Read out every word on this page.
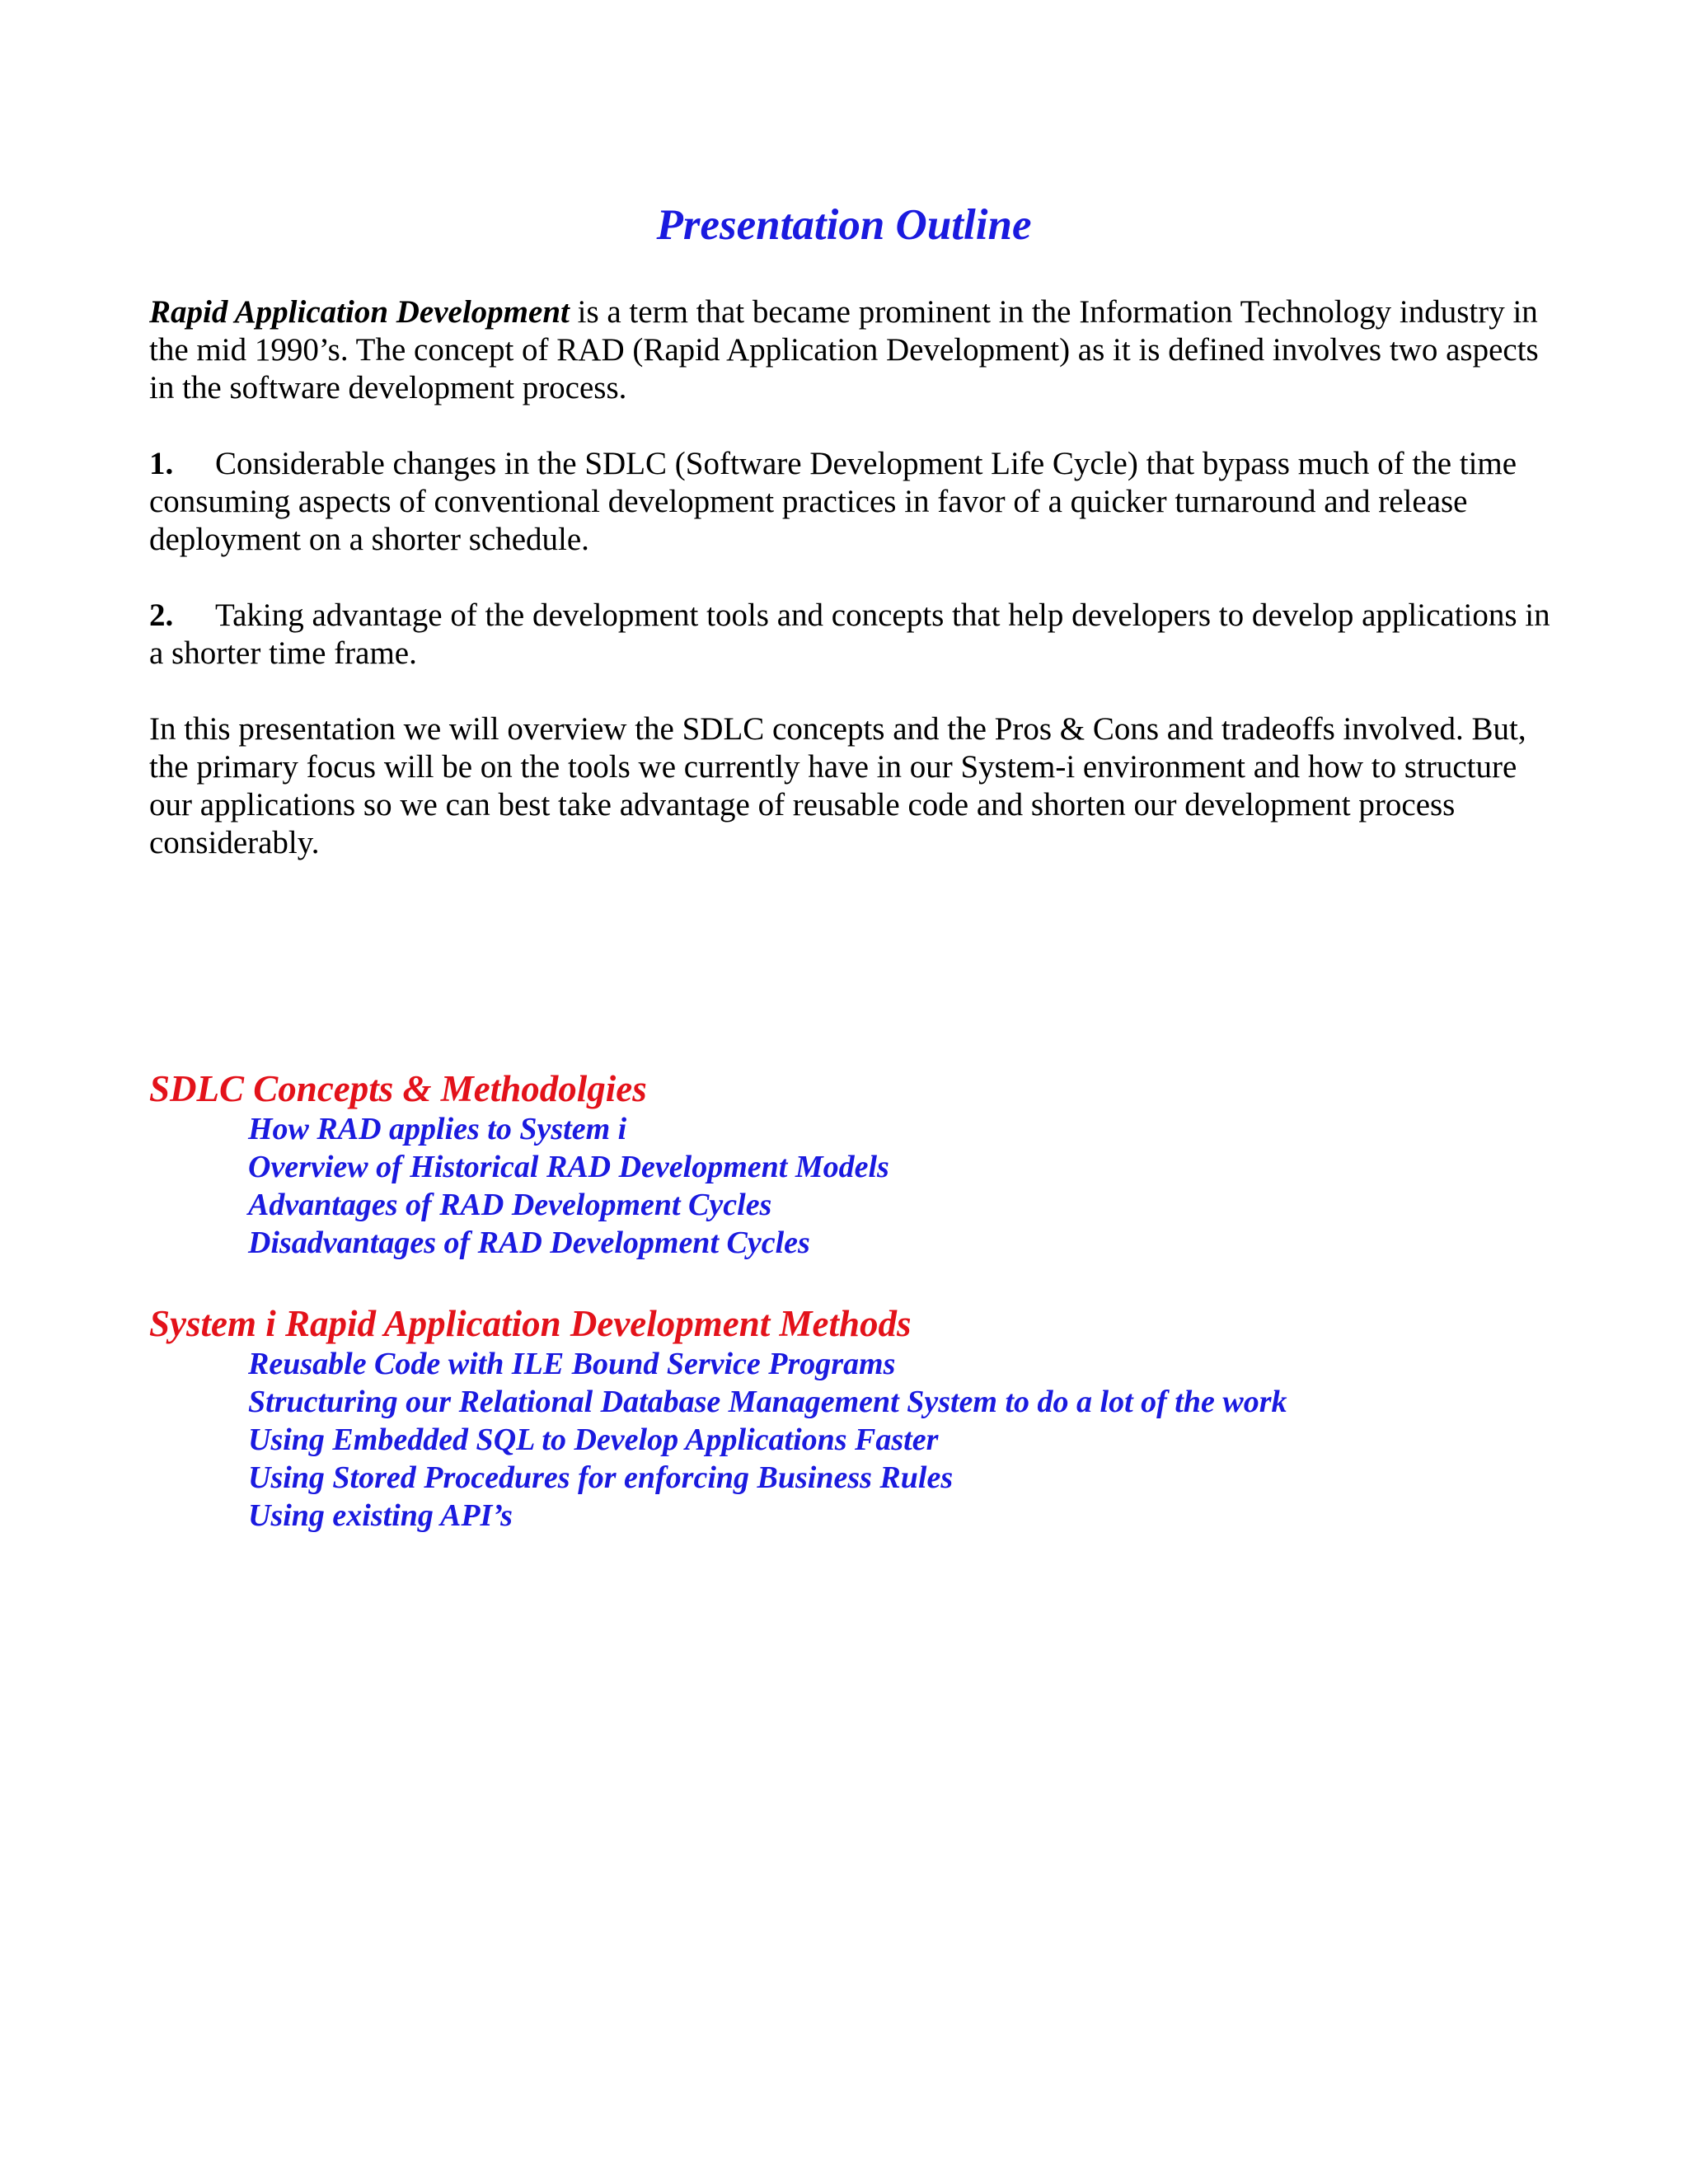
Presentation Outline

Rapid Application Development is a term that became prominent in the Information Technology industry in the mid 1990’s. The concept of RAD (Rapid Application Development) as it is defined involves two aspects in the software development process.

1. Considerable changes in the SDLC (Software Development Life Cycle) that bypass much of the time consuming aspects of conventional development practices in favor of a quicker turnaround and release deployment on a shorter schedule.

2. Taking advantage of the development tools and concepts that help developers to develop applications in a shorter time frame.

In this presentation we will overview the SDLC concepts and the Pros & Cons and tradeoffs involved. But, the primary focus will be on the tools we currently have in our System-i environment and how to structure our applications so we can best take advantage of reusable code and shorten our development process considerably.

SDLC Concepts & Methodolgies
How RAD applies to System i
Overview of Historical RAD Development Models
Advantages of RAD Development Cycles
Disadvantages of RAD Development Cycles
System i Rapid Application Development Methods
Reusable Code with ILE Bound Service Programs
Structuring our Relational Database Management System to do a lot of the work
Using Embedded SQL to Develop Applications Faster
Using Stored Procedures for enforcing Business Rules
Using existing API’s
